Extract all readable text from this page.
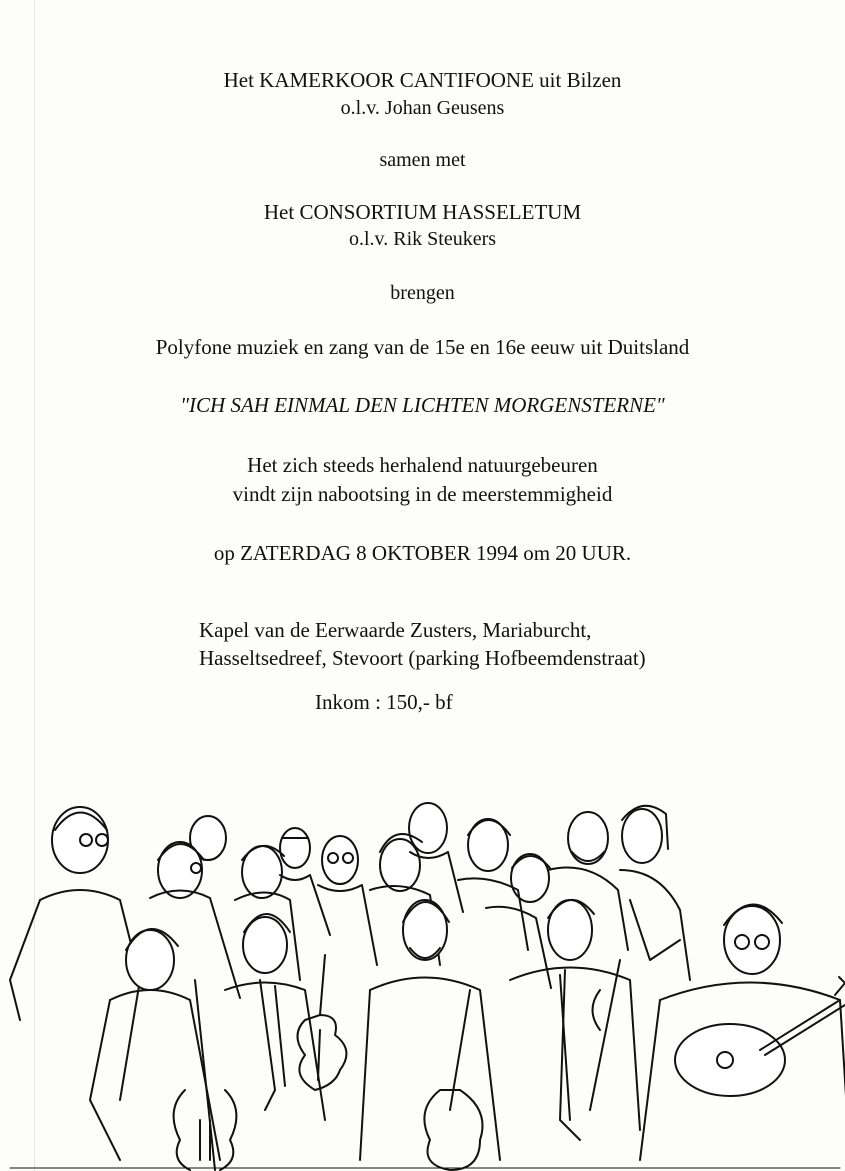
Het KAMERKOOR CANTIFOONE uit Bilzen
o.l.v. Johan Geusens
samen met
Het CONSORTIUM HASSELETUM
o.l.v. Rik Steukers
brengen
Polyfone muziek en zang van de 15e en 16e eeuw uit Duitsland
"ICH SAH EINMAL DEN LICHTEN MORGENSTERNE"
Het zich steeds herhalend natuurgebeuren
vindt zijn nabootsing in de meerstemmigheid
op ZATERDAG 8 OKTOBER 1994 om 20 UUR.
Kapel van de Eerwaarde Zusters, Mariaburcht,
Hasseltsedreef, Stevoort (parking Hofbeemdenstraat)
Inkom : 150,- bf
